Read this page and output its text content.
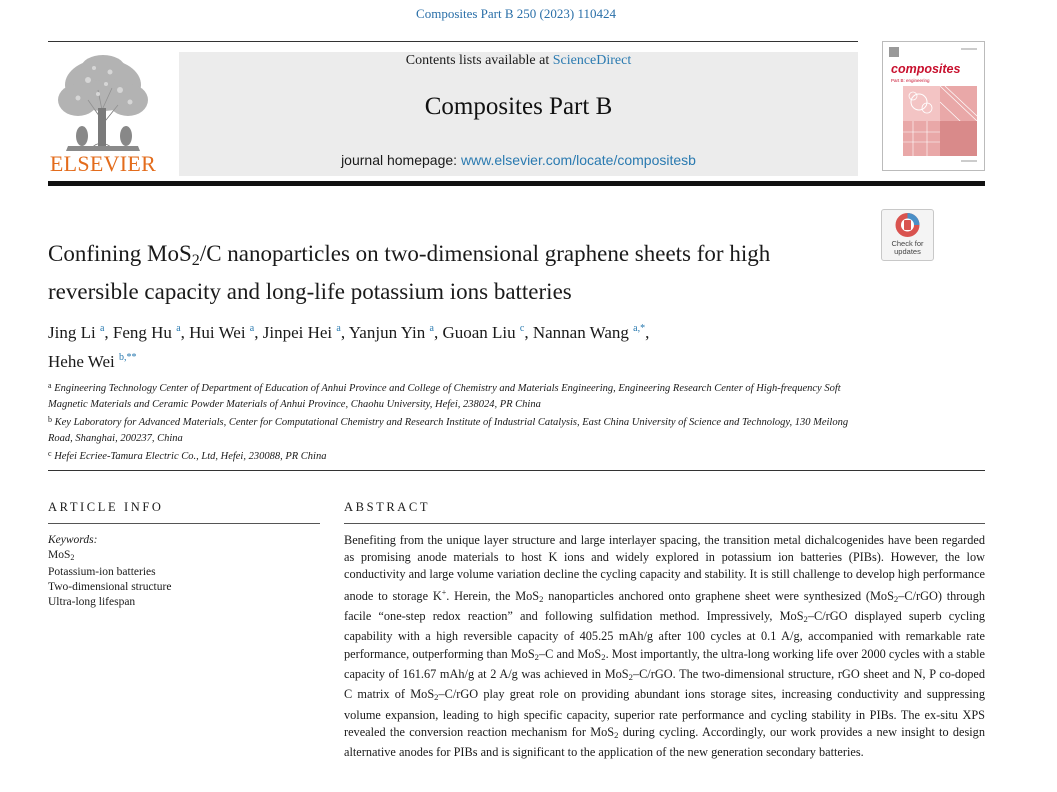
Composites Part B 250 (2023) 110424
ELSEVIER
Contents lists available at ScienceDirect
Composites Part B
journal homepage: www.elsevier.com/locate/compositesb
composites
Part B: engineering
Check for updates
Confining MoS$_2$/C nanoparticles on two-dimensional graphene sheets for high reversible capacity and long-life potassium ions batteries
Jing Li $^a$, Feng Hu $^a$, Hui Wei $^a$, Jinpei Hei $^a$, Yanjun Yin $^a$, Guoan Liu $^c$, Nannan Wang $^{a,*}$,
Hehe Wei $^{b,**}$
$^a$ Engineering Technology Center of Department of Education of Anhui Province and College of Chemistry and Materials Engineering, Engineering Research Center of High-frequency Soft Magnetic Materials and Ceramic Powder Materials of Anhui Province, Chaohu University, Hefei, 238024, PR China
$^b$ Key Laboratory for Advanced Materials, Center for Computational Chemistry and Research Institute of Industrial Catalysis, East China University of Science and Technology, 130 Meilong Road, Shanghai, 200237, China
$^c$ Hefei Ecriee-Tamura Electric Co., Ltd, Hefei, 230088, PR China
ARTICLE INFO
Keywords:
MoS$_2$
Potassium-ion batteries
Two-dimensional structure
Ultra-long lifespan
ABSTRACT
Benefiting from the unique layer structure and large interlayer spacing, the transition metal dichalcogenides have been regarded as promising anode materials to host K ions and widely explored in potassium ion batteries (PIBs). However, the low conductivity and large volume variation decline the cycling capacity and stability. It is still challenge to develop high performance anode to storage K+. Herein, the MoS$_2$ nanoparticles anchored onto graphene sheet were synthesized (MoS$_2$–C/rGO) through facile “one-step redox reaction” and following sulfidation method. Impressively, MoS$_2$–C/rGO displayed superb cycling capability with a high reversible capacity of 405.25 mAh/g after 100 cycles at 0.1 A/g, accompanied with remarkable rate performance, outperforming than MoS$_2$–C and MoS$_2$. Most importantly, the ultra-long working life over 2000 cycles with a stable capacity of 161.67 mAh/g at 2 A/g was achieved in MoS$_2$–C/rGO. The two-dimensional structure, rGO sheet and N, P co-doped C matrix of MoS$_2$–C/rGO play great role on providing abundant ions storage sites, increasing conductivity and suppressing volume expansion, leading to high specific capacity, superior rate performance and cycling stability in PIBs. The ex-situ XPS revealed the conversion reaction mechanism for MoS$_2$ during cycling. Accordingly, our work provides a new insight to design alternative anodes for PIBs and is significant to the application of the new generation secondary batteries.
